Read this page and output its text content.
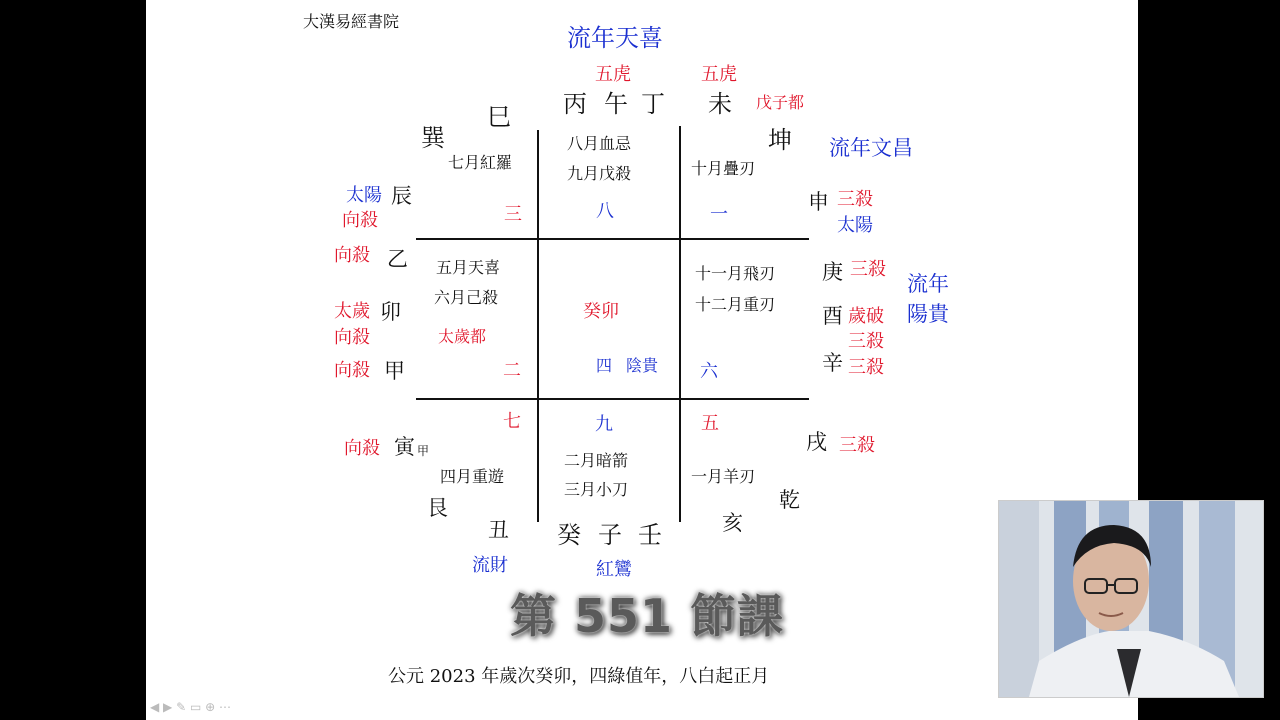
大漢易經書院
流年天喜
五虎	五虎
丙 午 丁 未 戊子都
巳
巽	坤 流年文昌
太陽 辰
向殺
向殺 乙
太歲 卯
向殺
向殺 甲
向殺 寅 甲
艮
申 三殺
太陽
庚 三殺
流年
陽貴
酉 歲破
三殺
辛 三殺
戌 三殺
乾
丑 癸 子 壬	亥
流財	紅鸞
七月紅羅
三
八月血忌
九月戊殺
八
十月疊刃
一
五月天喜
六月己殺
太歲都
二
癸卯
四 陰貴
十一月飛刃
十二月重刃
六
七
四月重遊
九
二月暗箭
三月小刀
五
一月羊刃
公元 2023 年歲次癸卯，四綠值年，八白起正月
第 551 節課
◀ ▶ ✎ ▭ ⊕ ⋯
